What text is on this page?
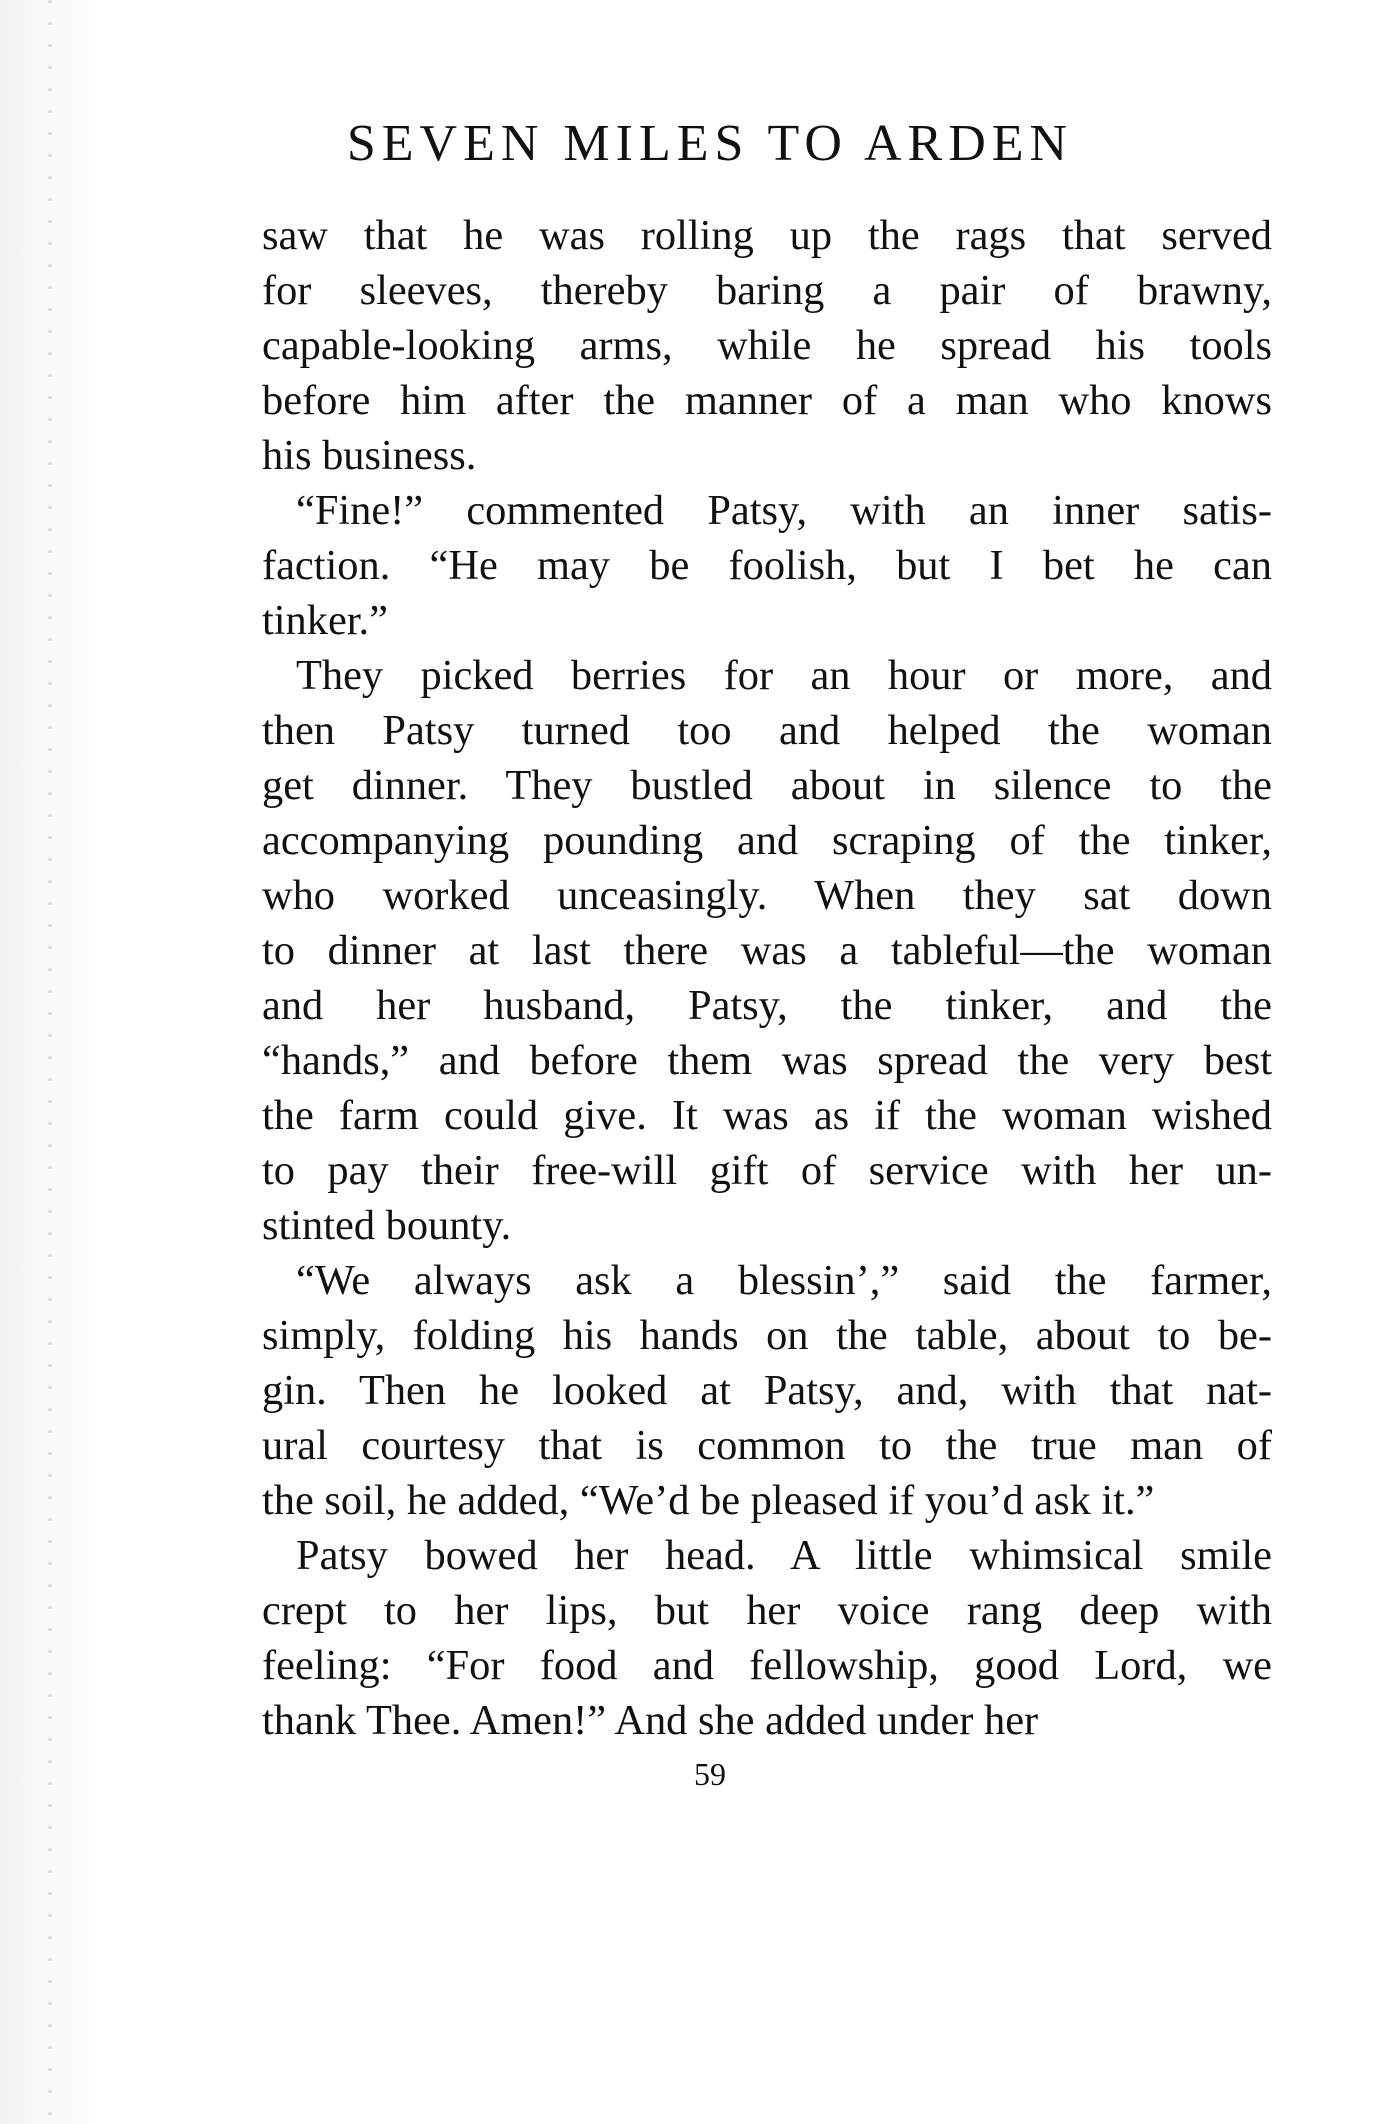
SEVEN MILES TO ARDEN

saw that he was rolling up the rags that served
for sleeves, thereby baring a pair of brawny,
capable-looking arms, while he spread his tools
before him after the manner of a man who knows
his business.

“Fine!” commented Patsy, with an inner satis-
faction. “He may be foolish, but I bet he can
tinker.”

They picked berries for an hour or more, and
then Patsy turned too and helped the woman
get dinner. They bustled about in silence to the
accompanying pounding and scraping of the tinker,
who worked unceasingly. When they sat down
to dinner at last there was a tableful—the woman
and her husband, Patsy, the tinker, and the
“hands,” and before them was spread the very best
the farm could give. It was as if the woman wished
to pay their free-will gift of service with her un-
stinted bounty.

“We always ask a blessin’,” said the farmer,
simply, folding his hands on the table, about to be-
gin. Then he looked at Patsy, and, with that nat-
ural courtesy that is common to the true man of
the soil, he added, “We’d be pleased if you’d ask it.”

Patsy bowed her head. A little whimsical smile
crept to her lips, but her voice rang deep with
feeling: “For food and fellowship, good Lord, we
thank Thee. Amen!” And she added under her

59
